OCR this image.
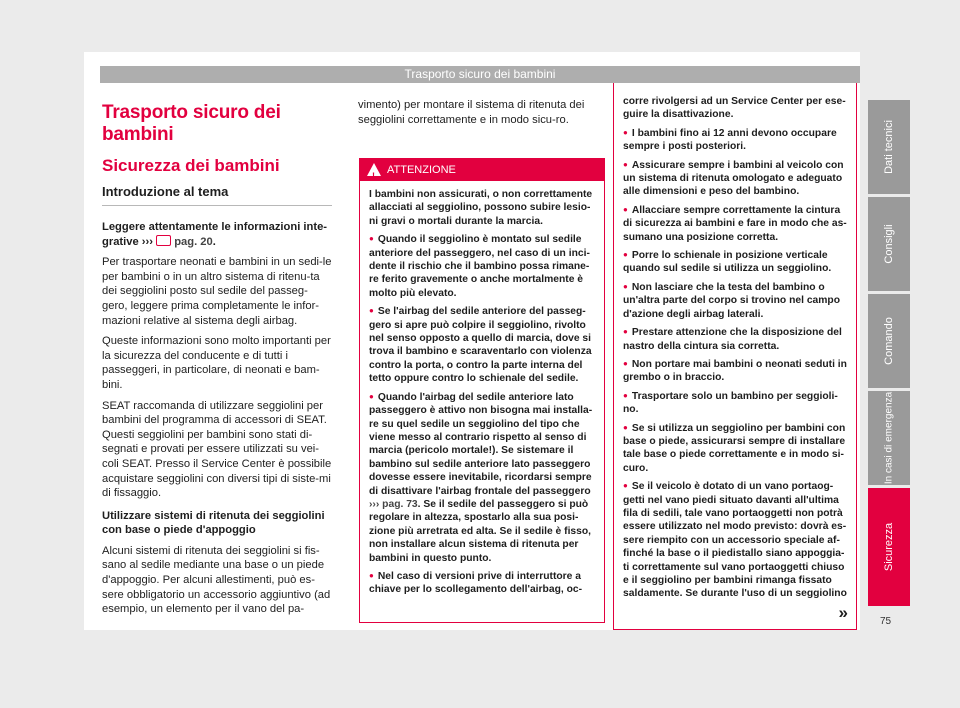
Trasporto sicuro dei bambini
Trasporto sicuro dei bambini
Sicurezza dei bambini
Introduzione al tema

Leggere attentamente le informazioni inte-grative ››› pag. 20.

Per trasportare neonati e bambini in un sedi-le per bambini o in un altro sistema di ritenu-ta dei seggiolini posto sul sedile del passeg-gero, leggere prima completamente le infor-mazioni relative al sistema degli airbag.

Queste informazioni sono molto importanti per la sicurezza del conducente e di tutti i passeggeri, in particolare, di neonati e bam-bini.

SEAT raccomanda di utilizzare seggiolini per bambini del programma di accessori di SEAT. Questi seggiolini per bambini sono stati di-segnati e provati per essere utilizzati su vei-coli SEAT. Presso il Service Center è possibile acquistare seggiolini con diversi tipi di siste-mi di fissaggio.

Utilizzare sistemi di ritenuta dei seggiolini con base o piede d'appoggio

Alcuni sistemi di ritenuta dei seggiolini si fis-sano al sedile mediante una base o un piede d'appoggio. Per alcuni allestimenti, può es-sere obbligatorio un accessorio aggiuntivo (ad esempio, un elemento per il vano del pa-

vimento) per montare il sistema di ritenuta dei seggiolini correttamente e in modo sicu-ro.

!
ATTENZIONE

I bambini non assicurati, o non correttamente allacciati al seggiolino, possono subire lesio-ni gravi o mortali durante la marcia.

● Quando il seggiolino è montato sul sedile anteriore del passeggero, nel caso di un inci-dente il rischio che il bambino possa rimane-re ferito gravemente o anche mortalmente è molto più elevato.

● Se l'airbag del sedile anteriore del passeg-gero si apre può colpire il seggiolino, rivolto nel senso opposto a quello di marcia, dove si trova il bambino e scaraventarlo con violenza contro la porta, o contro la parte interna del tetto oppure contro lo schienale del sedile.

● Quando l'airbag del sedile anteriore lato passeggero è attivo non bisogna mai installa-re su quel sedile un seggiolino del tipo che viene messo al contrario rispetto al senso di marcia (pericolo mortale!). Se sistemare il bambino sul sedile anteriore lato passeggero dovesse essere inevitabile, ricordarsi sempre di disattivare l'airbag frontale del passeggero ››› pag. 73. Se il sedile del passeggero si può regolare in altezza, spostarlo alla sua posi-zione più arretrata ed alta. Se il sedile è fisso, non installare alcun sistema di ritenuta per bambini in questo punto.

● Nel caso di versioni prive di interruttore a chiave per lo scollegamento dell'airbag, oc-

corre rivolgersi ad un Service Center per ese-guire la disattivazione.

● I bambini fino ai 12 anni devono occupare sempre i posti posteriori.

● Assicurare sempre i bambini al veicolo con un sistema di ritenuta omologato e adeguato alle dimensioni e peso del bambino.

● Allacciare sempre correttamente la cintura di sicurezza ai bambini e fare in modo che as-sumano una posizione corretta.

● Porre lo schienale in posizione verticale quando sul sedile si utilizza un seggiolino.

● Non lasciare che la testa del bambino o un'altra parte del corpo si trovino nel campo d'azione degli airbag laterali.

● Prestare attenzione che la disposizione del nastro della cintura sia corretta.

● Non portare mai bambini o neonati seduti in grembo o in braccio.

● Trasportare solo un bambino per seggioli-no.

● Se si utilizza un seggiolino per bambini con base o piede, assicurarsi sempre di installare tale base o piede correttamente e in modo si-curo.

● Se il veicolo è dotato di un vano portaog-getti nel vano piedi situato davanti all'ultima fila di sedili, tale vano portaoggetti non potrà essere utilizzato nel modo previsto: dovrà es-sere riempito con un accessorio speciale af-finché la base o il piedistallo siano appoggia-ti correttamente sul vano portaoggetti chiuso e il seggiolino per bambini rimanga fissato saldamente. Se durante l'uso di un seggiolino

»
Dati tecnici
Consigli
Comando
In casi di emergenza
Sicurezza
75
